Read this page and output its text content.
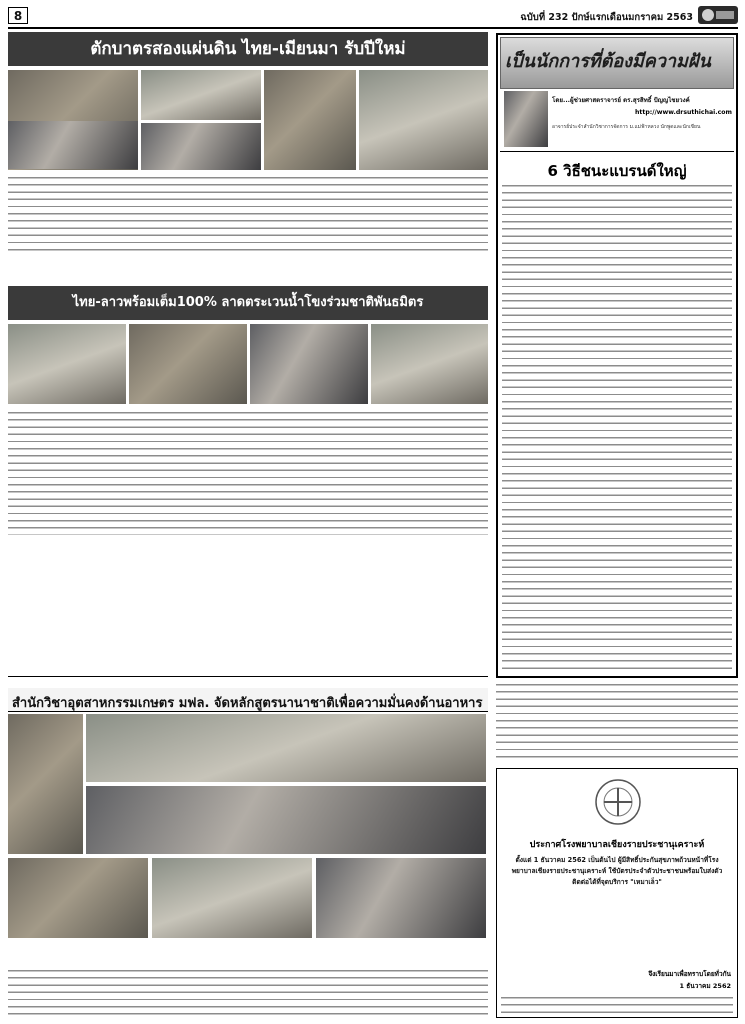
8	ฉบับที่ 232 ปักษ์แรกเดือนมกราคม 2563
ตักบาตรสองแผ่นดิน ไทย-เมียนมา รับปีใหม่
ไทย-ลาวพร้อมเต็ม100% ลาดตระเวนน้ำโขงร่วมชาติพันธมิตร
สำนักวิชาอุตสาหกรรมเกษตร มฟล. จัดหลักสูตรนานาชาติเพื่อความมั่นคงด้านอาหาร
เป็นนักการที่ต้องมีความฝัน
โดย...ผู้ช่วยศาสตราจารย์ ดร.สุรสิทธิ์ ปัญญไชยวงค์
http://www.drsuthichai.com
อาจารย์ประจำสำนักวิชาการจัดการ ม.แม่ฟ้าหลวง นักพูดและนักเขียน
6 วิธีชนะแบรนด์ใหญ่
ประกาศโรงพยาบาลเชียงรายประชานุเคราะห์
ตั้งแต่ 1 ธันวาคม 2562 เป็นต้นไป ผู้มีสิทธิ์ประกันสุขภาพถ้วนหน้าที่โรงพยาบาลเชียงรายประชานุเคราะห์ ใช้บัตรประจำตัวประชาชนพร้อมใบส่งตัว ติดต่อได้ที่จุดบริการ "เหมาเล็ว"
จึงเรียนมาเพื่อทราบโดยทั่วกัน
1 ธันวาคม 2562
